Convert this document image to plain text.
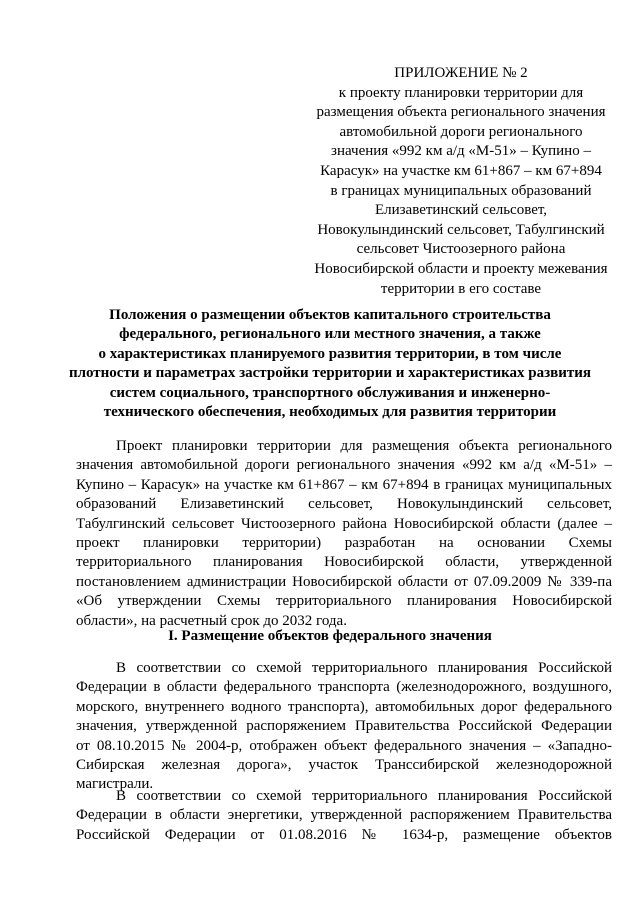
ПРИЛОЖЕНИЕ № 2
к проекту планировки территории для
размещения объекта регионального значения
автомобильной дороги регионального
значения «992 км а/д «М-51» – Купино –
Карасук» на участке км 61+867 – км 67+894
в границах муниципальных образований
Елизаветинский сельсовет,
Новокулындинский сельсовет, Табулгинский
сельсовет Чистоозерного района
Новосибирской области и проекту межевания
территории в его составе
Положения о размещении объектов капитального строительства
федерального, регионального или местного значения, а также
о характеристиках планируемого развития территории, в том числе
плотности и параметрах застройки территории и характеристиках развития
систем социального, транспортного обслуживания и инженерно-
технического обеспечения, необходимых для развития территории
Проект планировки территории для размещения объекта регионального
значения автомобильной дороги регионального значения «992 км а/д «М-51» –
Купино – Карасук» на участке км 61+867 – км 67+894 в границах муниципальных
образований Елизаветинский сельсовет, Новокулындинский сельсовет,
Табулгинский сельсовет Чистоозерного района Новосибирской области (далее –
проект планировки территории) разработан на основании Схемы
территориального планирования Новосибирской области, утвержденной
постановлением администрации Новосибирской области от 07.09.2009 № 339-па
«Об утверждении Схемы территориального планирования Новосибирской
области», на расчетный срок до 2032 года.
I. Размещение объектов федерального значения
В соответствии со схемой территориального планирования Российской
Федерации в области федерального транспорта (железнодорожного, воздушного,
морского, внутреннего водного транспорта), автомобильных дорог федерального
значения, утвержденной распоряжением Правительства Российской Федерации
от 08.10.2015 № 2004-р, отображен объект федерального значения – «Западно-
Сибирская железная дорога», участок Транссибирской железнодорожной
магистрали.
В соответствии со схемой территориального планирования Российской
Федерации в области энергетики, утвержденной распоряжением Правительства
Российской Федерации от 01.08.2016 № 1634-р, размещение объектов
